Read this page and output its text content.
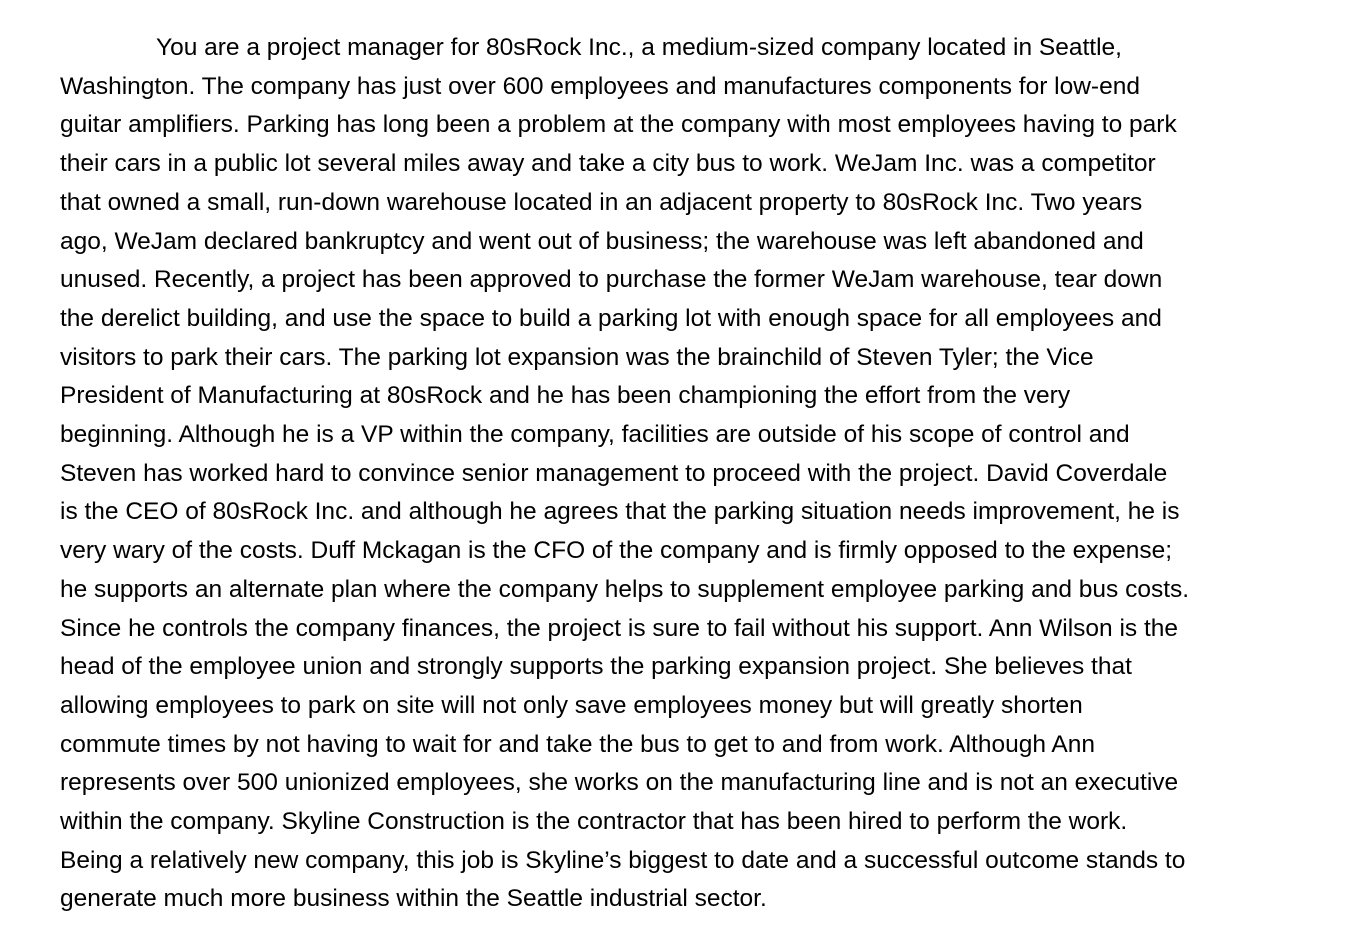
You are a project manager for 80sRock Inc., a medium-sized company located in Seattle,
Washington. The company has just over 600 employees and manufactures components for low-end
guitar amplifiers. Parking has long been a problem at the company with most employees having to park
their cars in a public lot several miles away and take a city bus to work. WeJam Inc. was a competitor
that owned a small, run-down warehouse located in an adjacent property to 80sRock Inc. Two years
ago, WeJam declared bankruptcy and went out of business; the warehouse was left abandoned and
unused. Recently, a project has been approved to purchase the former WeJam warehouse, tear down
the derelict building, and use the space to build a parking lot with enough space for all employees and
visitors to park their cars. The parking lot expansion was the brainchild of Steven Tyler; the Vice
President of Manufacturing at 80sRock and he has been championing the effort from the very
beginning. Although he is a VP within the company, facilities are outside of his scope of control and
Steven has worked hard to convince senior management to proceed with the project. David Coverdale
is the CEO of 80sRock Inc. and although he agrees that the parking situation needs improvement, he is
very wary of the costs. Duff Mckagan is the CFO of the company and is firmly opposed to the expense;
he supports an alternate plan where the company helps to supplement employee parking and bus costs.
Since he controls the company finances, the project is sure to fail without his support. Ann Wilson is the
head of the employee union and strongly supports the parking expansion project. She believes that
allowing employees to park on site will not only save employees money but will greatly shorten
commute times by not having to wait for and take the bus to get to and from work. Although Ann
represents over 500 unionized employees, she works on the manufacturing line and is not an executive
within the company. Skyline Construction is the contractor that has been hired to perform the work.
Being a relatively new company, this job is Skyline’s biggest to date and a successful outcome stands to
generate much more business within the Seattle industrial sector.
